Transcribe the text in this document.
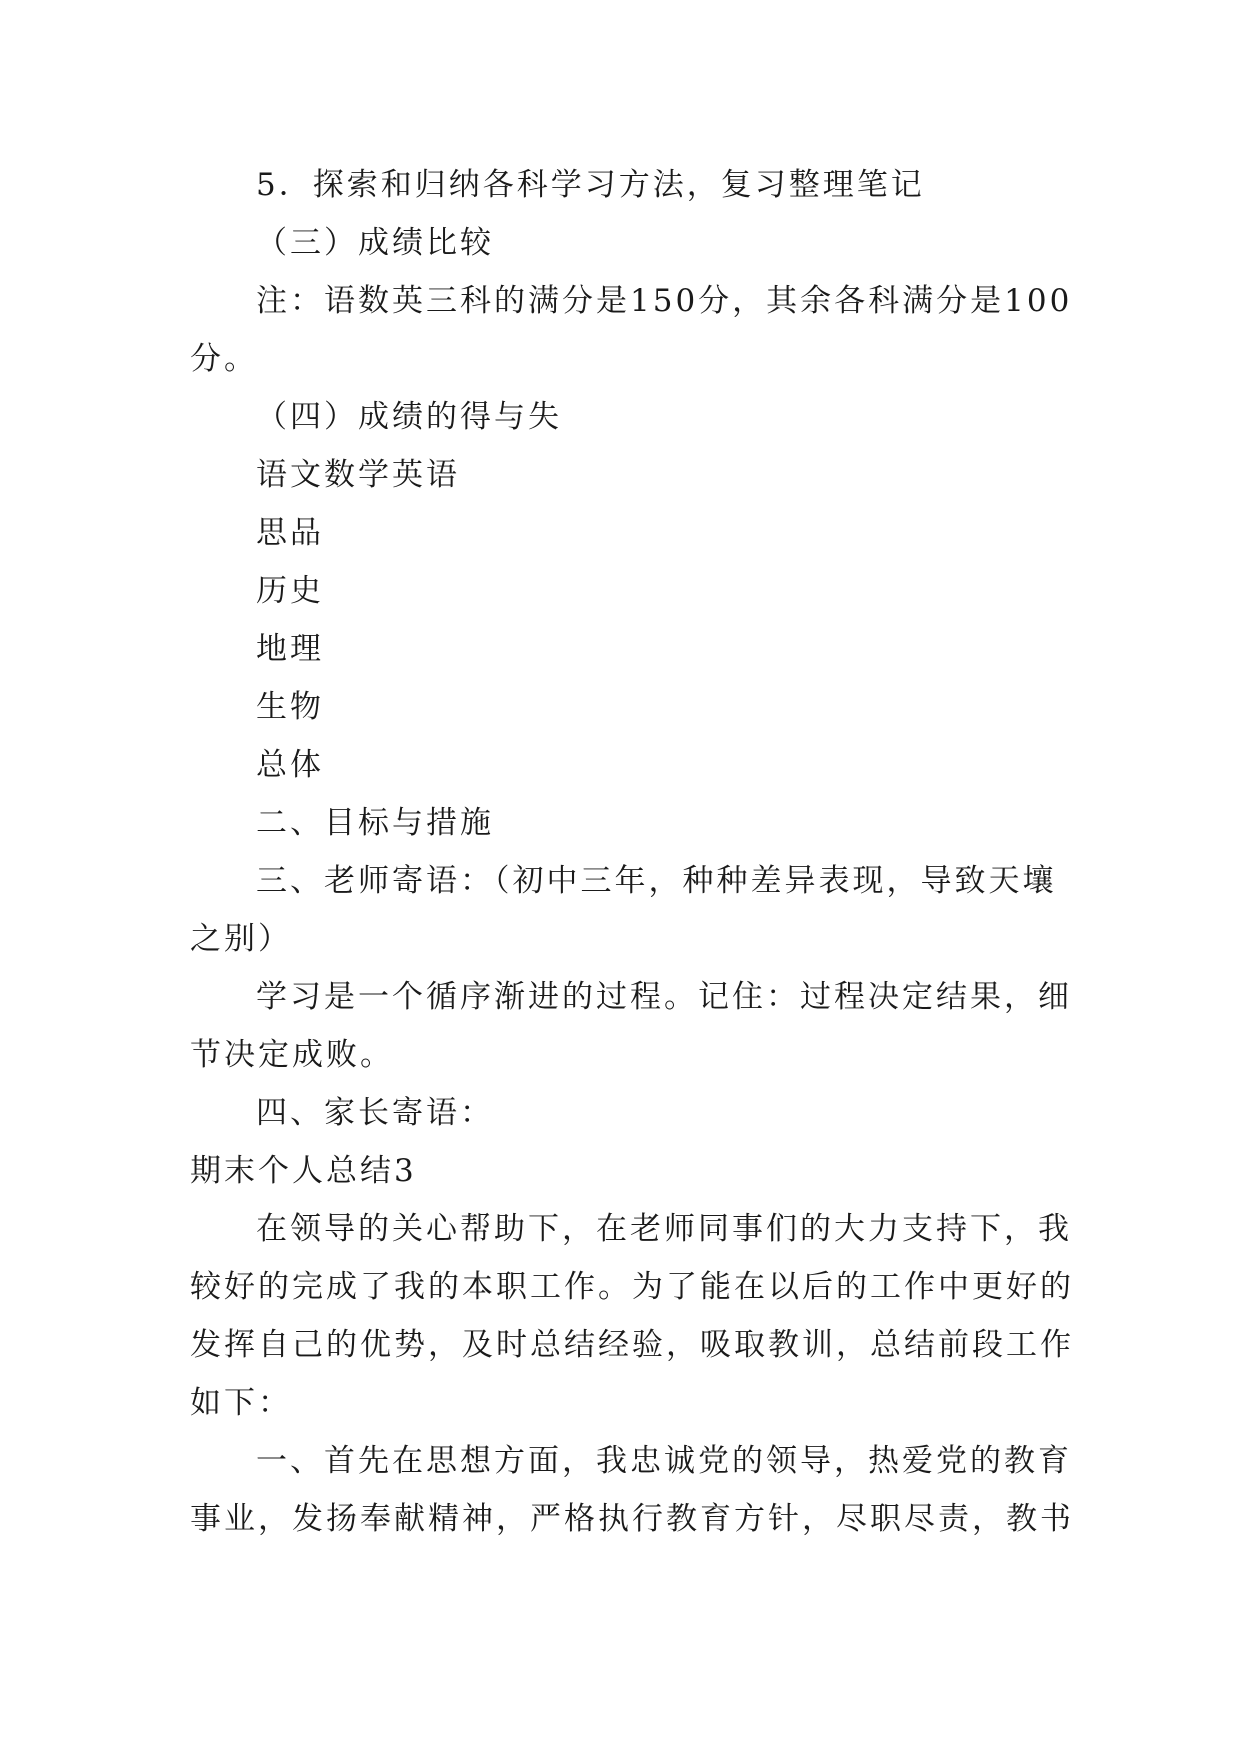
5．探索和归纳各科学习方法，复习整理笔记
（三）成绩比较
注：语数英三科的满分是150分，其余各科满分是100
分。
（四）成绩的得与失
语文数学英语
思品
历史
地理
生物
总体
二、目标与措施
三、老师寄语：（初中三年，种种差异表现，导致天壤
之别）
学习是一个循序渐进的过程。记住：过程决定结果，细
节决定成败。
四、家长寄语：
期末个人总结3
在领导的关心帮助下，在老师同事们的大力支持下，我
较好的完成了我的本职工作。为了能在以后的工作中更好的
发挥自己的优势，及时总结经验，吸取教训，总结前段工作
如下：
一、首先在思想方面，我忠诚党的领导，热爱党的教育
事业，发扬奉献精神，严格执行教育方针，尽职尽责，教书
